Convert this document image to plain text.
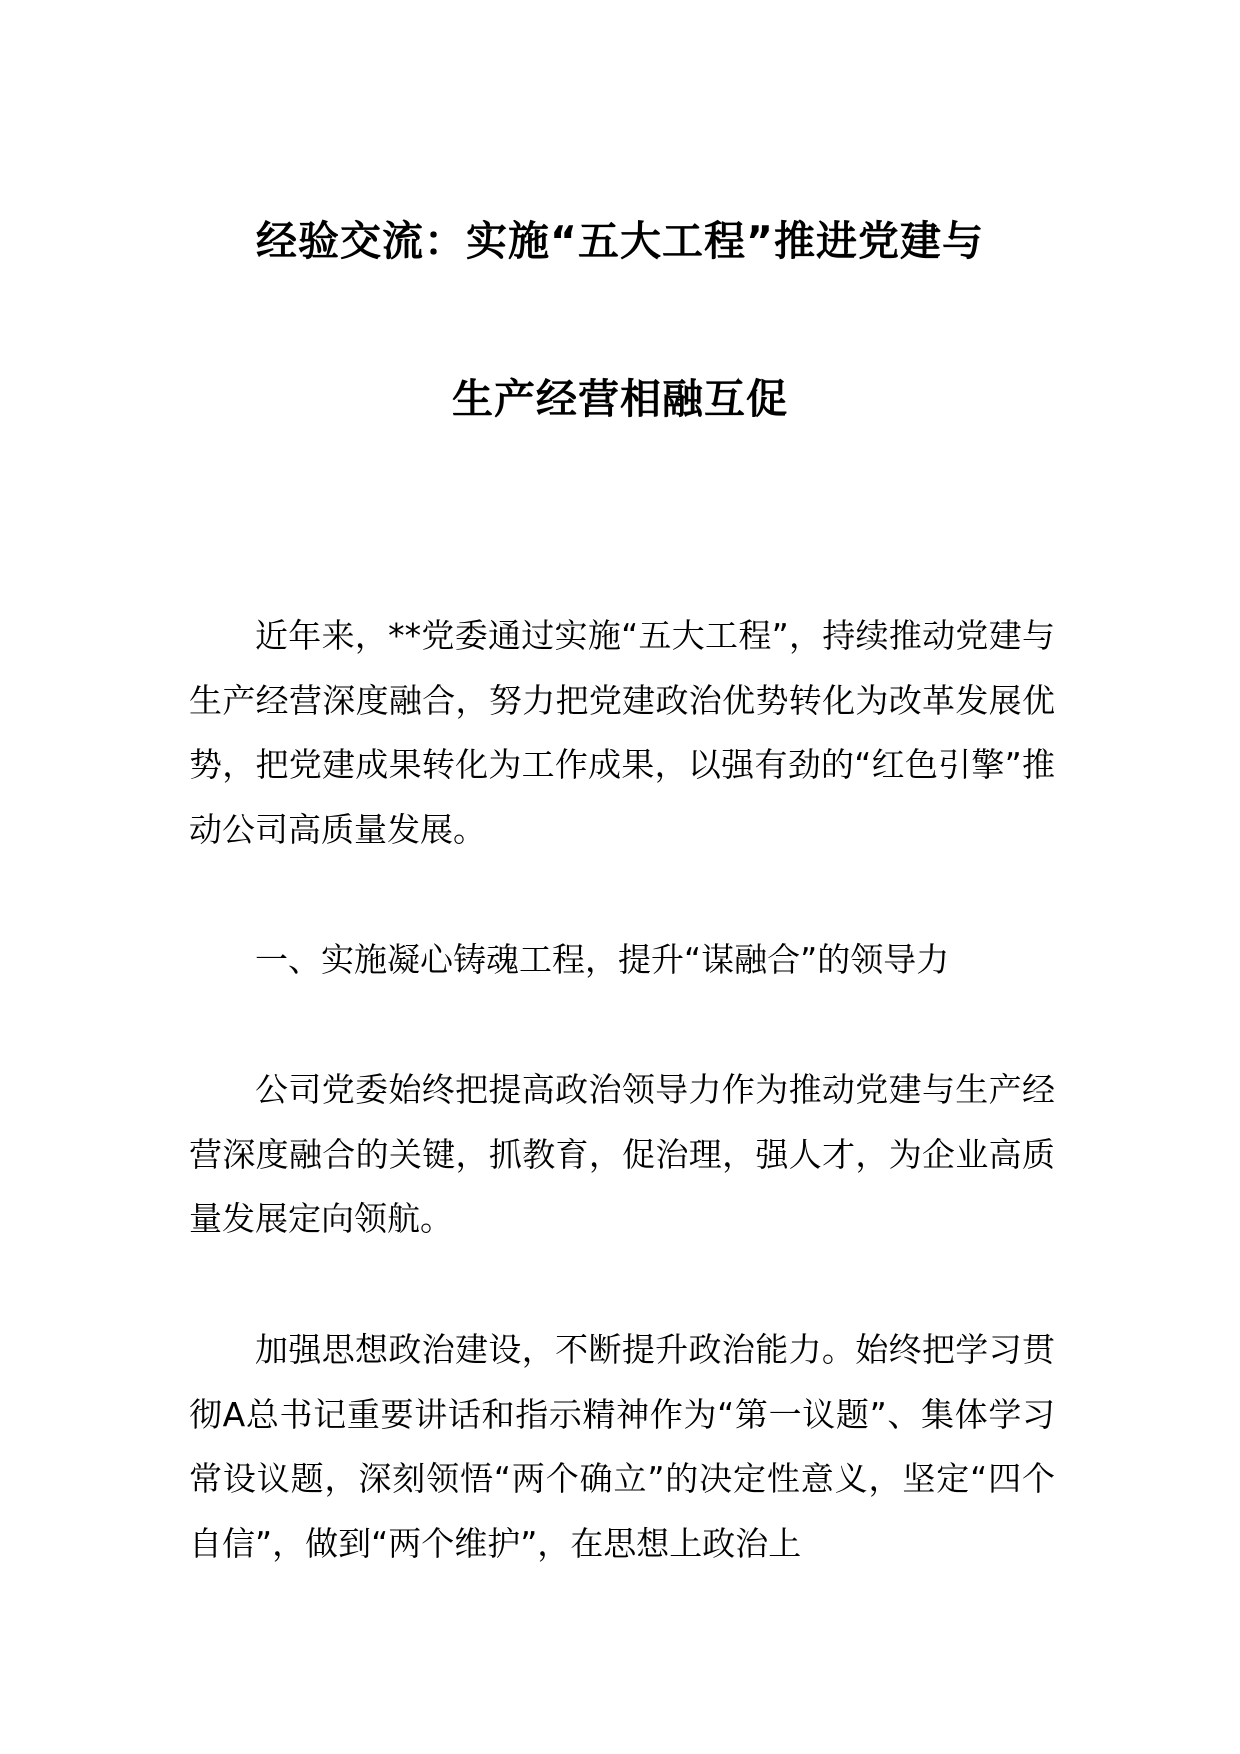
经验交流：实施“五大工程”推进党建与
生产经营相融互促

近年来，**党委通过实施“五大工程”，持续推动党建与生产经营深度融合，努力把党建政治优势转化为改革发展优势，把党建成果转化为工作成果，以强有劲的“红色引擎”推动公司高质量发展。

一、实施凝心铸魂工程，提升“谋融合”的领导力

公司党委始终把提高政治领导力作为推动党建与生产经营深度融合的关键，抓教育，促治理，强人才，为企业高质量发展定向领航。

加强思想政治建设，不断提升政治能力。始终把学习贯彻A总书记重要讲话和指示精神作为“第一议题”、集体学习常设议题，深刻领悟“两个确立”的决定性意义，坚定“四个自信”，做到“两个维护”，在思想上政治上
